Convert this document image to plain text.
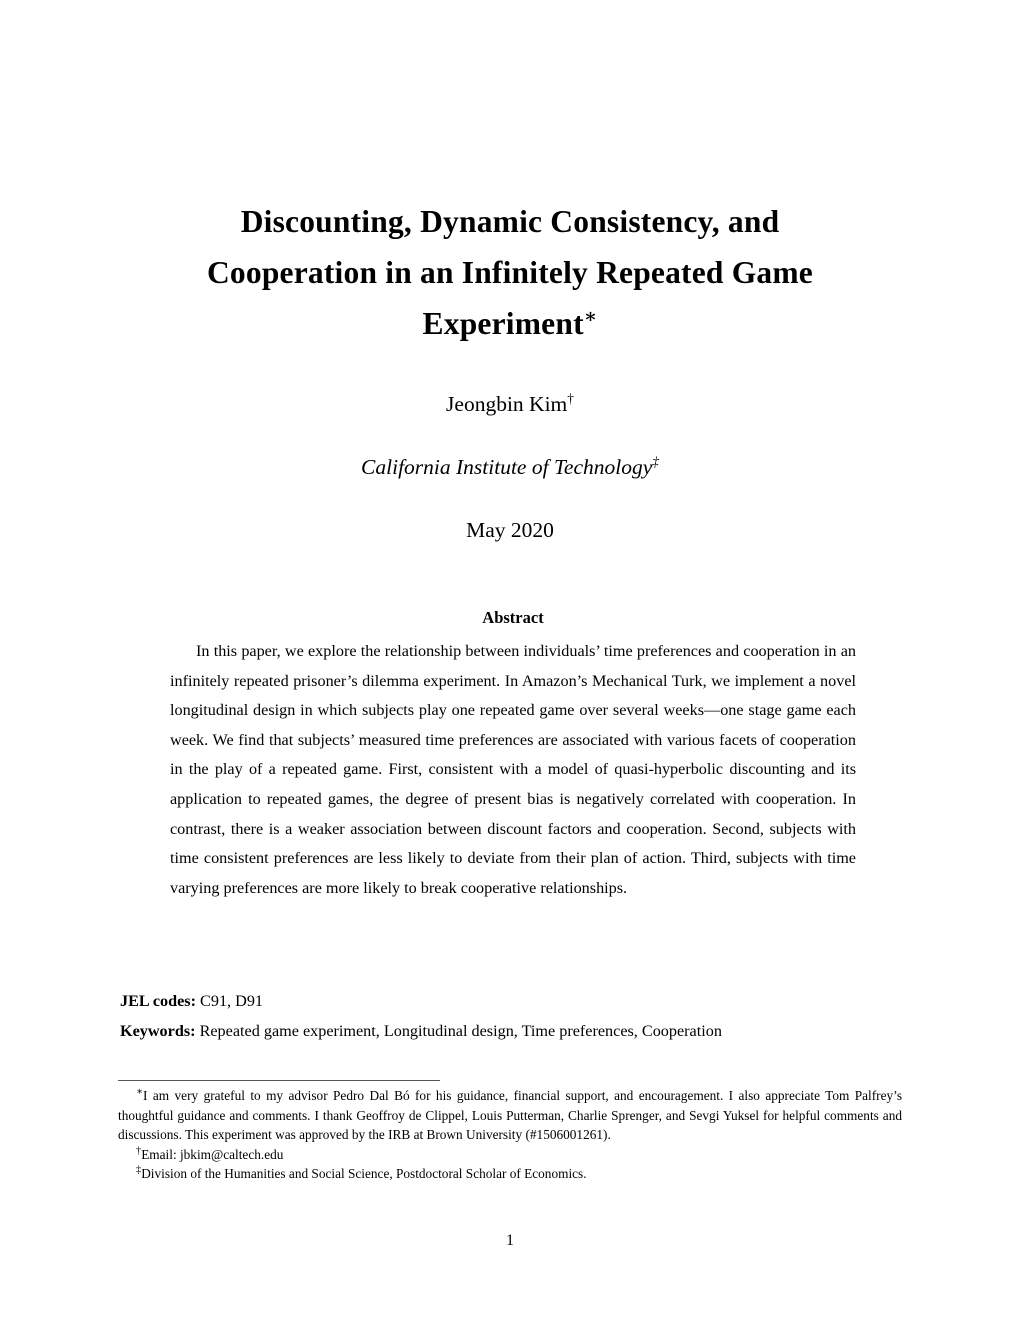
Discounting, Dynamic Consistency, and
Cooperation in an Infinitely Repeated Game
Experiment∗
Jeongbin Kim†
California Institute of Technology‡
May 2020
Abstract
In this paper, we explore the relationship between individuals’ time preferences and cooperation in an infinitely repeated prisoner’s dilemma experiment. In Amazon’s Mechanical Turk, we implement a novel longitudinal design in which subjects play one repeated game over several weeks—one stage game each week. We find that subjects’ measured time preferences are associated with various facets of cooperation in the play of a repeated game. First, consistent with a model of quasi-hyperbolic discounting and its application to repeated games, the degree of present bias is negatively correlated with cooperation. In contrast, there is a weaker association between discount factors and cooperation. Second, subjects with time consistent preferences are less likely to deviate from their plan of action. Third, subjects with time varying preferences are more likely to break cooperative relationships.
JEL codes: C91, D91
Keywords: Repeated game experiment, Longitudinal design, Time preferences, Cooperation
∗I am very grateful to my advisor Pedro Dal Bó for his guidance, financial support, and encouragement. I also appreciate Tom Palfrey’s thoughtful guidance and comments. I thank Geoffroy de Clippel, Louis Putterman, Charlie Sprenger, and Sevgi Yuksel for helpful comments and discussions. This experiment was approved by the IRB at Brown University (#1506001261).
†Email: jbkim@caltech.edu
‡Division of the Humanities and Social Science, Postdoctoral Scholar of Economics.
1
